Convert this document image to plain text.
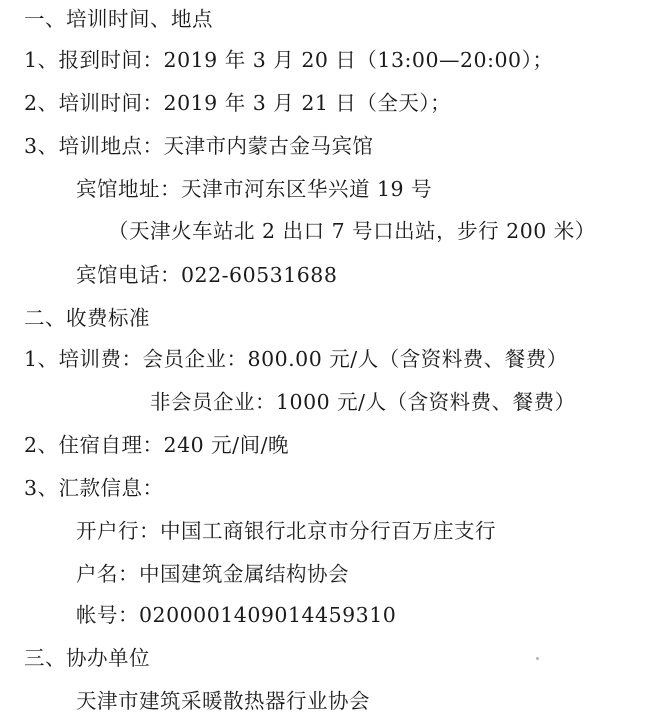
一、培训时间、地点
1、报到时间：2019 年 3 月 20 日（13:00—20:00）；
2、培训时间：2019 年 3 月 21 日（全天）；
3、培训地点：天津市内蒙古金马宾馆
宾馆地址：天津市河东区华兴道 19 号
（天津火车站北 2 出口 7 号口出站，步行 200 米）
宾馆电话：022-60531688
二、收费标准
1、培训费：会员企业：800.00 元/人（含资料费、餐费）
非会员企业：1000 元/人（含资料费、餐费）
2、住宿自理：240 元/间/晚
3、汇款信息：
开户行：中国工商银行北京市分行百万庄支行
户名：中国建筑金属结构协会
帐号：0200001409014459310
三、协办单位
天津市建筑采暖散热器行业协会
